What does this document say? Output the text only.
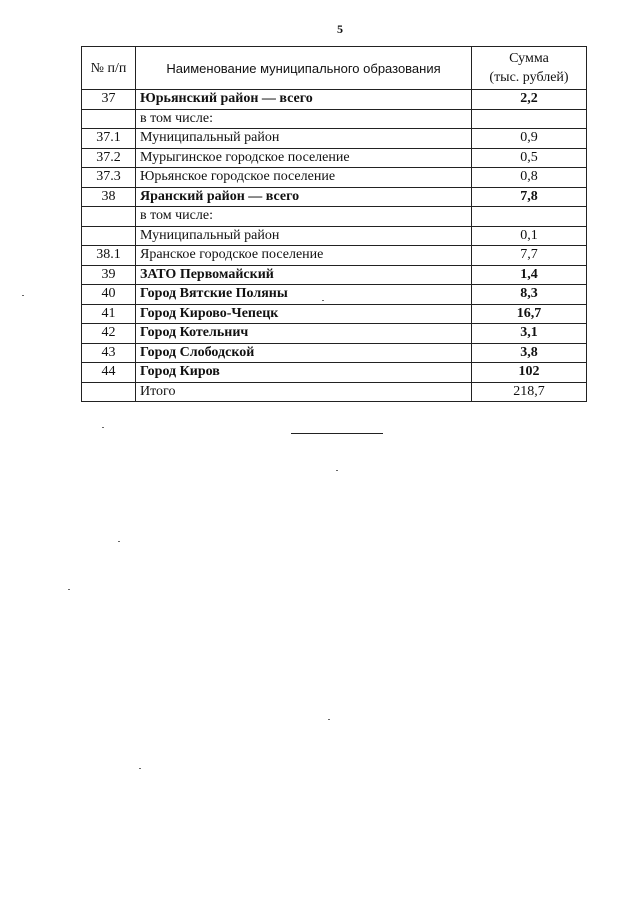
5
№ п/п	Наименование муниципального образования	Сумма
(тыс. рублей)
37	Юрьянский район — всего	2,2
	в том числе:	
37.1	Муниципальный район	0,9
37.2	Мурыгинское городское поселение	0,5
37.3	Юрьянское городское поселение	0,8
38	Яранский район — всего	7,8
	в том числе:	
	Муниципальный район	0,1
38.1	Яранское городское поселение	7,7
39	ЗАТО Первомайский	1,4
40	Город Вятские Поляны	8,3
41	Город Кирово-Чепецк	16,7
42	Город Котельнич	3,1
43	Город Слободской	3,8
44	Город Киров	102
	Итого	218,7
